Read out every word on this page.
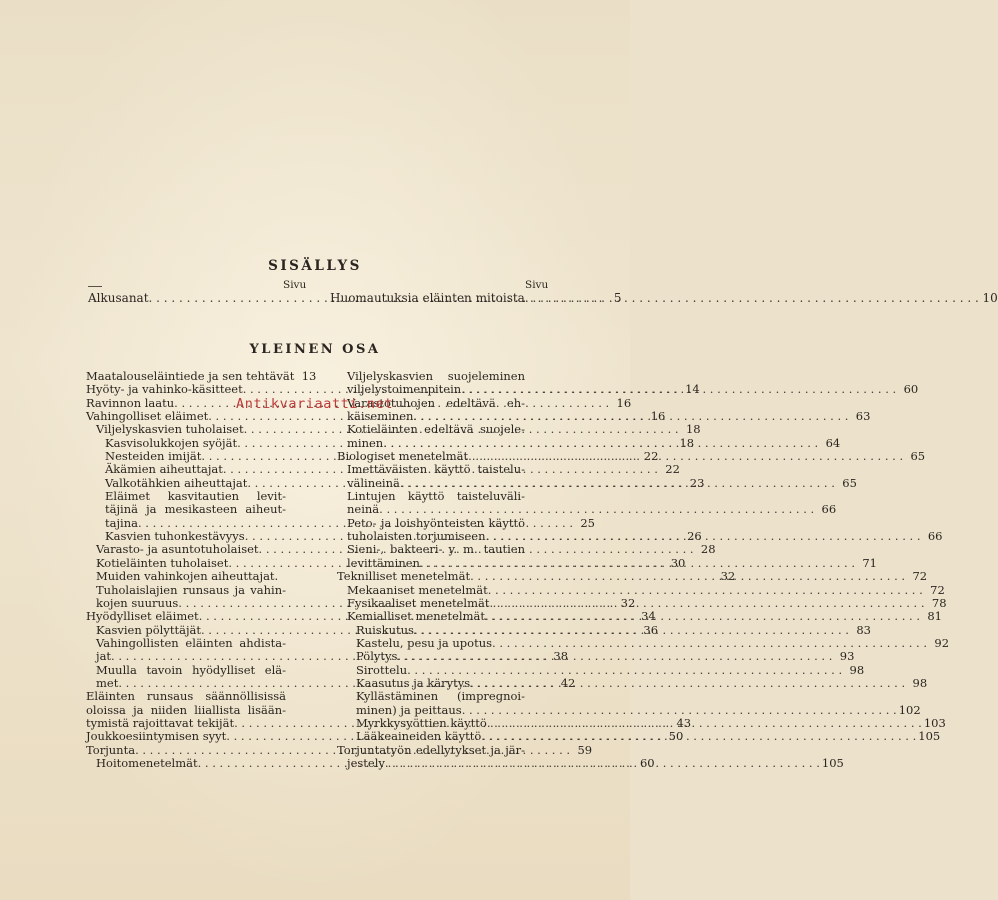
SISÄLLYS
Sivu	Sivu
Alkusanat . . .	5
Huomautuksia eläinten mitoista . . .	10
YLEINEN OSA
Maatalouseläintiede ja sen tehtävät 13
Hyöty- ja vahinko-käsitteet . . .	14
Ravinnon laatu . . .	16
Vahingolliset eläimet . . .	16
Viljelyskasvien tuholaiset . . .	18
Kasvisolukkojen syöjät . . .	18
Nesteiden imijät . . .	22
Äkämien aiheuttajat . . .	22
Valkotähkien aiheuttajat . . .	23
Eläimet kasvitautien levit-
täjinä ja mesikasteen aiheut-
tajina . . .	25
Kasvien tuhonkestävyys . . .	26
Varasto- ja asuntotuholaiset . . .	28
Kotieläinten tuholaiset . . .	30
Muiden vahinkojen aiheuttajat.	32
Tuholaislajien runsaus ja vahin-
kojen suuruus . . .	32
Hyödylliset eläimet . . .	34
Kasvien pölyttäjät . . .	36
Vahingollisten eläinten ahdista-
jat . . .	38
Muulla tavoin hyödylliset elä-
met . . .	42
Eläinten runsaus säännöllisissä
oloissa ja niiden liiallista lisään-
tymistä rajoittavat tekijät . . .	43
Joukkoesiintymisen syyt . . .	50
Torjunta . . .	59
Hoitomenetelmät . . .	60
Viljelyskasvien suojeleminen
viljelystoimenpitein . . .	60
Varastotuhojen edeltävä eh-
käiseminen . . .	63
Kotieläinten edeltävä suojele-
minen . . .	64
Biologiset menetelmät . . .	65
Imettäväisten käyttö taistelu-
välineinä . . .	65
Lintujen käyttö taisteluväli-
neinä . . .	66
Peto- ja loishyönteisten käyttö
tuholaisten torjumiseen . . .	66
Sieni-, bakteeri- y. m. tautien
levittäminen . . .	71
Teknilliset menetelmät . . .	72
Mekaaniset menetelmät . . .	72
Fysikaaliset menetelmät . . .	78
Kemialliset menetelmät . . .	81
Ruiskutus . . .	83
Kastelu, pesu ja upotus . . .	92
Pölytys . . .	93
Sirottelu . . .	98
Kaasutus ja kärytys . . .	98
Kyllästäminen (impregnoi-
minen) ja peittaus . . .	102
Myrkkysyöttien käyttö . . .	103
Lääkeaineiden käyttö . . .	105
Torjuntatyön edellytykset ja jär-
jestely . . .	105
Antikvariaatti.net
